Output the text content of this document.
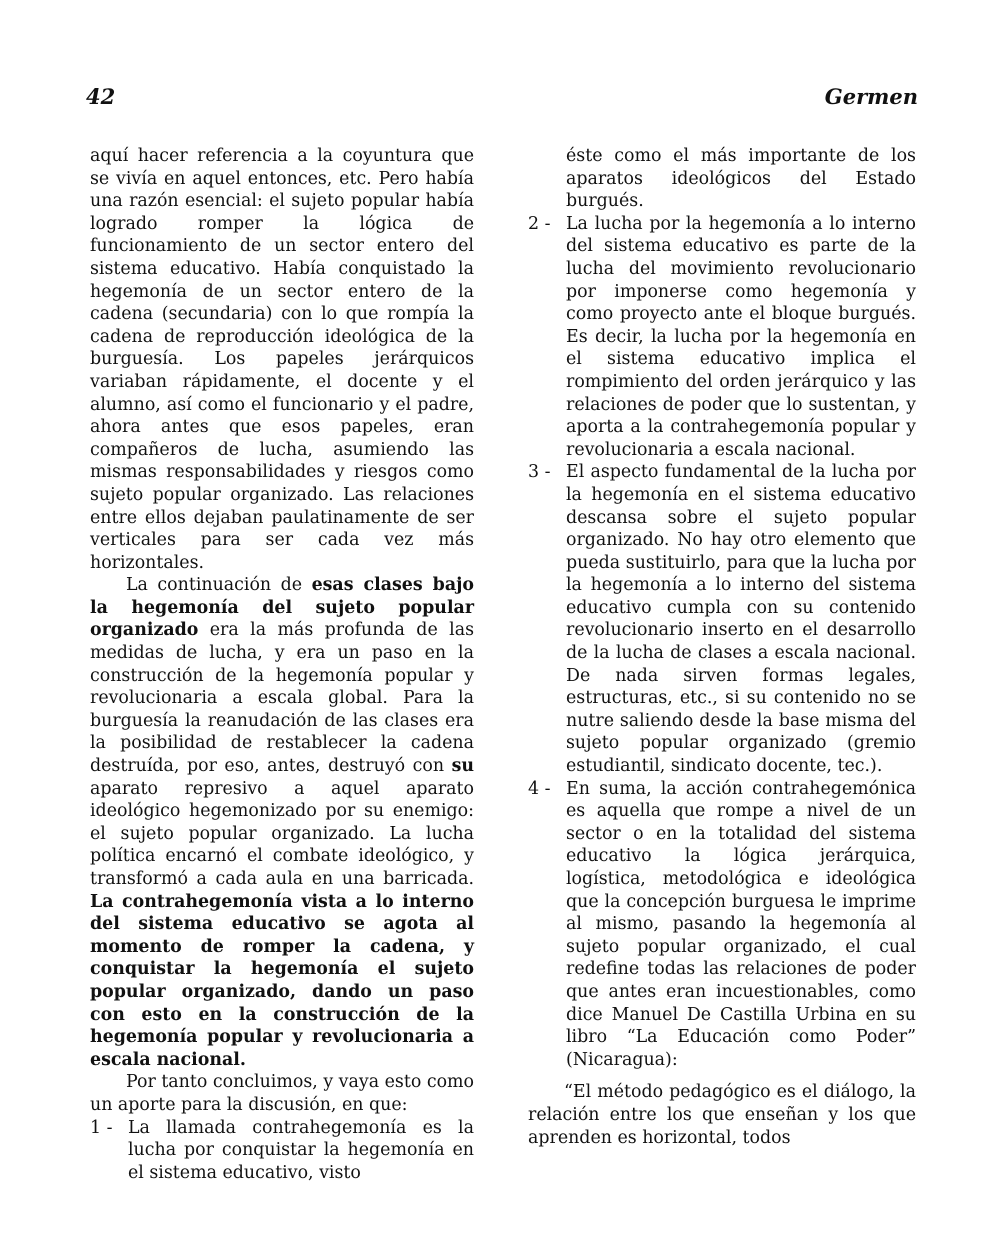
42	Germen

aquí hacer referencia a la coyuntura que se vivía en aquel entonces, etc. Pero había una razón esencial: el sujeto popular había logrado romper la lógica de funcionamiento de un sector entero del sistema educativo. Había conquistado la hegemonía de un sector entero de la cadena (secundaria) con lo que rompía la cadena de reproducción ideológica de la burguesía. Los papeles jerárquicos variaban rápidamente, el docente y el alumno, así como el funcionario y el padre, ahora antes que esos papeles, eran compañeros de lucha, asumiendo las mismas responsabilidades y riesgos como sujeto popular organizado. Las relaciones entre ellos dejaban paulatinamente de ser verticales para ser cada vez más horizontales.

La continuación de esas clases bajo la hegemonía del sujeto popular organizado era la más profunda de las medidas de lucha, y era un paso en la construcción de la hegemonía popular y revolucionaria a escala global. Para la burguesía la reanudación de las clases era la posibilidad de restablecer la cadena destruída, por eso, antes, destruyó con su aparato represivo a aquel aparato ideológico hegemonizado por su enemigo: el sujeto popular organizado. La lucha política encarnó el combate ideológico, y transformó a cada aula en una barricada. La contrahegemonía vista a lo interno del sistema educativo se agota al momento de romper la cadena, y conquistar la hegemonía el sujeto popular organizado, dando un paso con esto en la construcción de la hegemonía popular y revolucionaria a escala nacional.

Por tanto concluimos, y vaya esto como un aporte para la discusión, en que:

1 - La llamada contrahegemonía es la lucha por conquistar la hegemonía en el sistema educativo, visto

éste como el más importante de los aparatos ideológicos del Estado burgués.

2 - La lucha por la hegemonía a lo interno del sistema educativo es parte de la lucha del movimiento revolucionario por imponerse como hegemonía y como proyecto ante el bloque burgués. Es decir, la lucha por la hegemonía en el sistema educativo implica el rompimiento del orden jerárquico y las relaciones de poder que lo sustentan, y aporta a la contrahegemonía popular y revolucionaria a escala nacional.
3 - El aspecto fundamental de la lucha por la hegemonía en el sistema educativo descansa sobre el sujeto popular organizado. No hay otro elemento que pueda sustituirlo, para que la lucha por la hegemonía a lo interno del sistema educativo cumpla con su contenido revolucionario inserto en el desarrollo de la lucha de clases a escala nacional. De nada sirven formas legales, estructuras, etc., si su contenido no se nutre saliendo desde la base misma del sujeto popular organizado (gremio estudiantil, sindicato docente, tec.).
4 - En suma, la acción contrahegemónica es aquella que rompe a nivel de un sector o en la totalidad del sistema educativo la lógica jerárquica, logística, metodológica e ideológica que la concepción burguesa le imprime al mismo, pasando la hegemonía al sujeto popular organizado, el cual redefine todas las relaciones de poder que antes eran incuestionables, como dice Manuel De Castilla Urbina en su libro “La Educación como Poder” (Nicaragua):

“El método pedagógico es el diálogo, la relación entre los que enseñan y los que aprenden es horizontal, todos
